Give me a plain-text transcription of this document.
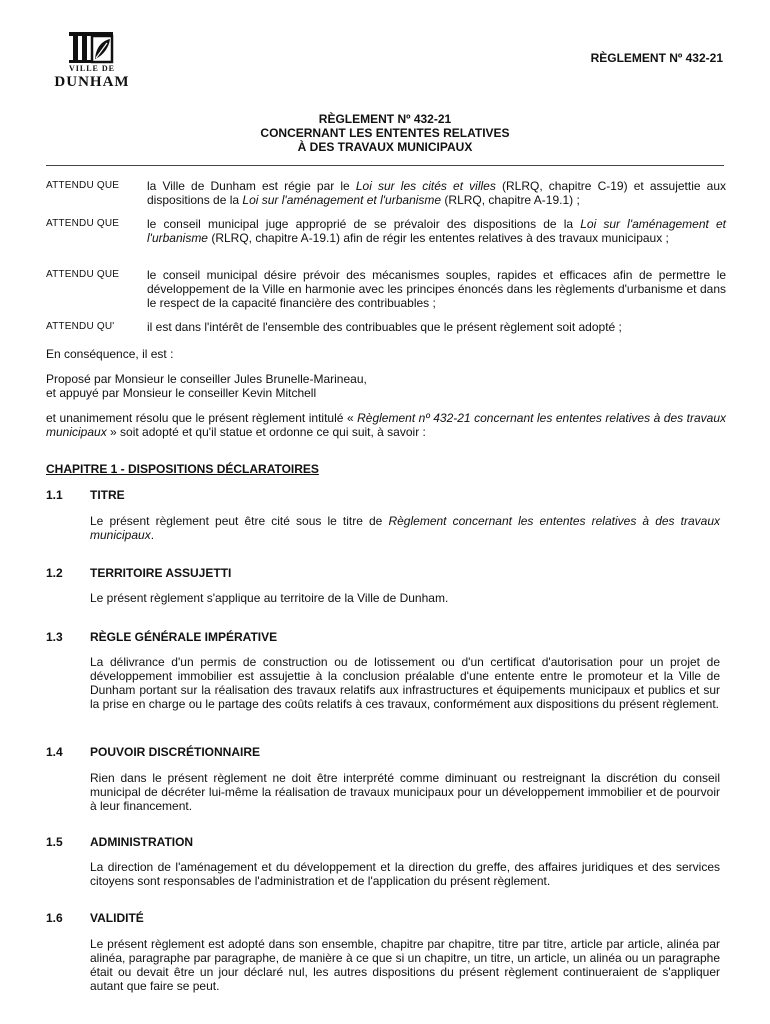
VILLE DE
DUNHAM
RÈGLEMENT Nº 432-21
RÈGLEMENT Nº 432-21
CONCERNANT LES ENTENTES RELATIVES
À DES TRAVAUX MUNICIPAUX
ATTENDU QUE la Ville de Dunham est régie par le Loi sur les cités et villes (RLRQ, chapitre C-19) et assujettie aux dispositions de la Loi sur l'aménagement et l'urbanisme (RLRQ, chapitre A-19.1) ;
ATTENDU QUE le conseil municipal juge approprié de se prévaloir des dispositions de la Loi sur l'aménagement et l'urbanisme (RLRQ, chapitre A-19.1) afin de régir les ententes relatives à des travaux municipaux ;
ATTENDU QUE le conseil municipal désire prévoir des mécanismes souples, rapides et efficaces afin de permettre le développement de la Ville en harmonie avec les principes énoncés dans les règlements d'urbanisme et dans le respect de la capacité financière des contribuables ;
ATTENDU QU'	il est dans l'intérêt de l'ensemble des contribuables que le présent règlement soit adopté ;
En conséquence, il est :
Proposé par Monsieur le conseiller Jules Brunelle-Marineau,
et appuyé par Monsieur le conseiller Kevin Mitchell
et unanimement résolu que le présent règlement intitulé « Règlement nº 432-21 concernant les ententes relatives à des travaux municipaux » soit adopté et qu'il statue et ordonne ce qui suit, à savoir :
CHAPITRE 1 - DISPOSITIONS DÉCLARATOIRES
1.1 TITRE
Le présent règlement peut être cité sous le titre de Règlement concernant les ententes relatives à des travaux municipaux.
1.2 TERRITOIRE ASSUJETTI
Le présent règlement s'applique au territoire de la Ville de Dunham.
1.3 RÈGLE GÉNÉRALE IMPÉRATIVE
La délivrance d'un permis de construction ou de lotissement ou d'un certificat d'autorisation pour un projet de développement immobilier est assujettie à la conclusion préalable d'une entente entre le promoteur et la Ville de Dunham portant sur la réalisation des travaux relatifs aux infrastructures et équipements municipaux et publics et sur la prise en charge ou le partage des coûts relatifs à ces travaux, conformément aux dispositions du présent règlement.
1.4 POUVOIR DISCRÉTIONNAIRE
Rien dans le présent règlement ne doit être interprété comme diminuant ou restreignant la discrétion du conseil municipal de décréter lui-même la réalisation de travaux municipaux pour un développement immobilier et de pourvoir à leur financement.
1.5 ADMINISTRATION
La direction de l'aménagement et du développement et la direction du greffe, des affaires juridiques et des services citoyens sont responsables de l'administration et de l'application du présent règlement.
1.6 VALIDITÉ
Le présent règlement est adopté dans son ensemble, chapitre par chapitre, titre par titre, article par article, alinéa par alinéa, paragraphe par paragraphe, de manière à ce que si un chapitre, un titre, un article, un alinéa ou un paragraphe était ou devait être un jour déclaré nul, les autres dispositions du présent règlement continueraient de s'appliquer autant que faire se peut.
